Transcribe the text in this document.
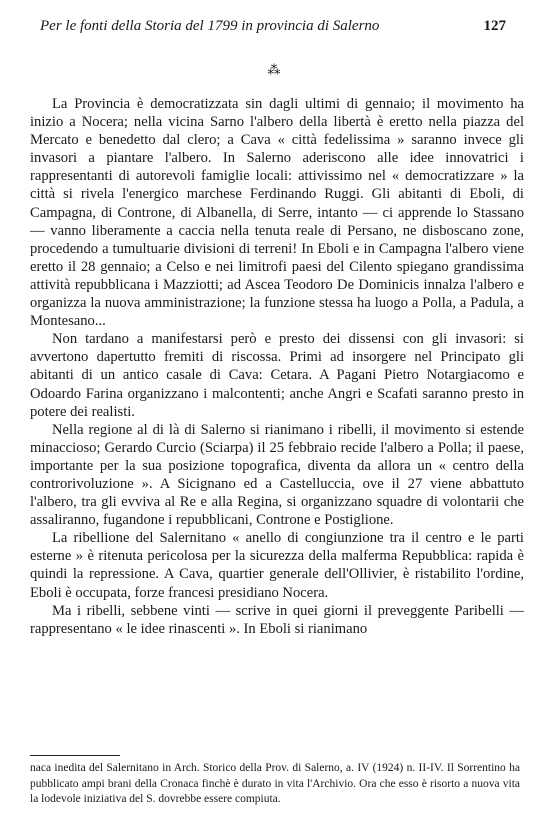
Per le fonti della Storia del 1799 in provincia di Salerno	127
⁂

La Provincia è democratizzata sin dagli ultimi di gennaio; il movimento ha inizio a Nocera; nella vicina Sarno l'albero della libertà è eretto nella piazza del Mercato e benedetto dal clero; a Cava « città fedelissima » saranno invece gli invasori a piantare l'albero. In Salerno aderiscono alle idee innovatrici i rappresentanti di autorevoli famiglie locali: attivissimo nel « democratizzare » la città si rivela l'energico marchese Ferdinando Ruggi. Gli abitanti di Eboli, di Campagna, di Controne, di Albanella, di Serre, intanto — ci apprende lo Stassano — vanno liberamente a caccia nella tenuta reale di Persano, ne disboscano zone, procedendo a tumultuarie divisioni di terreni! In Eboli e in Campagna l'albero viene eretto il 28 gennaio; a Celso e nei limitrofi paesi del Cilento spiegano grandissima attività repubblicana i Mazziotti; ad Ascea Teodoro De Dominicis innalza l'albero e organizza la nuova amministrazione; la funzione stessa ha luogo a Polla, a Padula, a Montesano...

Non tardano a manifestarsi però e presto dei dissensi con gli invasori: si avvertono dapertutto fremiti di riscossa. Primi ad insorgere nel Principato gli abitanti di un antico casale di Cava: Cetara. A Pagani Pietro Notargiacomo e Odoardo Farina organizzano i malcontenti; anche Angri e Scafati saranno presto in potere dei realisti.

Nella regione al di là di Salerno si rianimano i ribelli, il movimento si estende minaccioso; Gerardo Curcio (Sciarpa) il 25 febbraio recide l'albero a Polla; il paese, importante per la sua posizione topografica, diventa da allora un « centro della controrivoluzione ». A Sicignano ed a Castelluccia, ove il 27 viene abbattuto l'albero, tra gli evviva al Re e alla Regina, si organizzano squadre di volontarii che assaliranno, fugandone i repubblicani, Controne e Postiglione.

La ribellione del Salernitano « anello di congiunzione tra il centro e le parti esterne » è ritenuta pericolosa per la sicurezza della malferma Repubblica: rapida è quindi la repressione. A Cava, quartier generale dell'Ollivier, è ristabilito l'ordine, Eboli è occupata, forze francesi presidiano Nocera.

Ma i ribelli, sebbene vinti — scrive in quei giorni il preveggente Paribelli — rappresentano « le idee rinascenti ». In Eboli si rianimano

naca inedita del Salernitano in Arch. Storico della Prov. di Salerno, a. IV (1924) n. II-IV. Il Sorrentino ha pubblicato ampi brani della Cronaca finchè è durato in vita l'Archivio. Ora che esso è risorto a nuova vita la lodevole iniziativa del S. dovrebbe essere compiuta.
